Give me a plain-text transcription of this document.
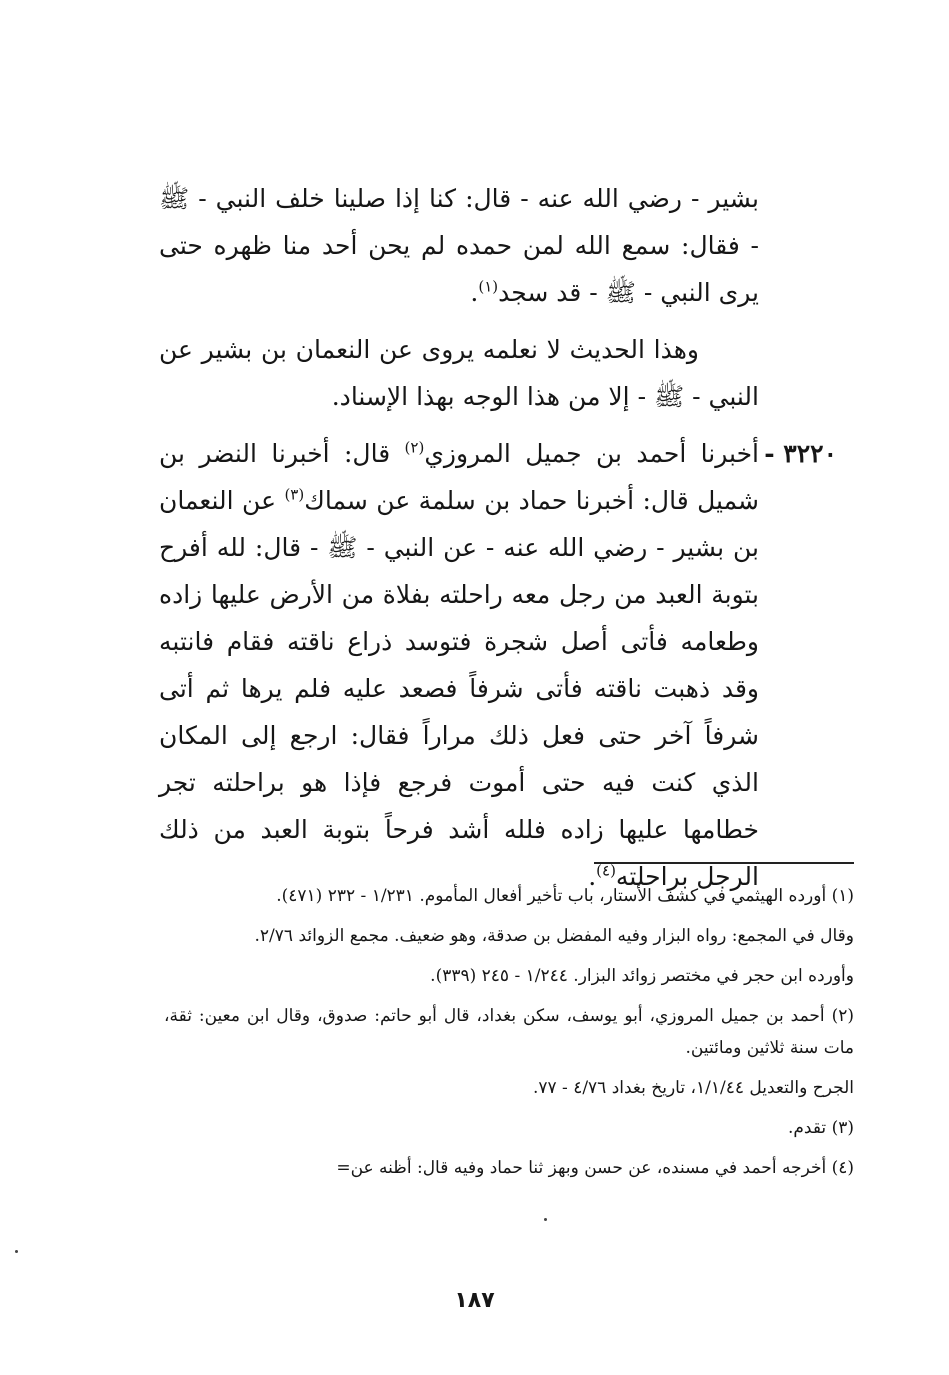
بشير - رضي الله عنه - قال: كنا إذا صلينا خلف النبي - ﷺ - فقال: سمع الله لمن حمده لم يحن أحد منا ظهره حتى يرى النبي - ﷺ - قد سجد$^{(١)}$.

وهذا الحديث لا نعلمه يروى عن النعمان بن بشير عن النبي - ﷺ - إلا من هذا الوجه بهذا الإسناد.

٣٢٢٠ -
أخبرنا أحمد بن جميل المروزي$^{(٢)}$ قال: أخبرنا النضر بن شميل قال: أخبرنا حماد بن سلمة عن سماك$^{(٣)}$ عن النعمان بن بشير - رضي الله عنه - عن النبي - ﷺ - قال: لله أفرح بتوبة العبد من رجل معه راحلته بفلاة من الأرض عليها زاده وطعامه فأتى أصل شجرة فتوسد ذراع ناقته فقام فانتبه وقد ذهبت ناقته فأتى شرفاً فصعد عليه فلم يرها ثم أتى شرفاً آخر حتى فعل ذلك مراراً فقال: ارجع إلى المكان الذي كنت فيه حتى أموت فرجع فإذا هو براحلته تجر خطامها عليها زاده فلله أشد فرحاً بتوبة العبد من ذلك الرجل براحلته$^{(٤)}$.

(١) أورده الهيثمي في كشف الأستار، باب تأخير أفعال المأموم. ١/٢٣١ - ٢٣٢ (٤٧١).

وقال في المجمع: رواه البزار وفيه المفضل بن صدقة، وهو ضعيف. مجمع الزوائد ٢/٧٦.

وأورده ابن حجر في مختصر زوائد البزار. ١/٢٤٤ - ٢٤٥ (٣٣٩).

(٢) أحمد بن جميل المروزي، أبو يوسف، سكن بغداد، قال أبو حاتم: صدوق، وقال ابن معين: ثقة، مات سنة ثلاثين ومائتين.

الجرح والتعديل ١/١/٤٤، تاريخ بغداد ٤/٧٦ - ٧٧.

(٣) تقدم.

(٤) أخرجه أحمد في مسنده، عن حسن وبهز ثنا حماد وفيه قال: أظنه عن=

١٨٧
